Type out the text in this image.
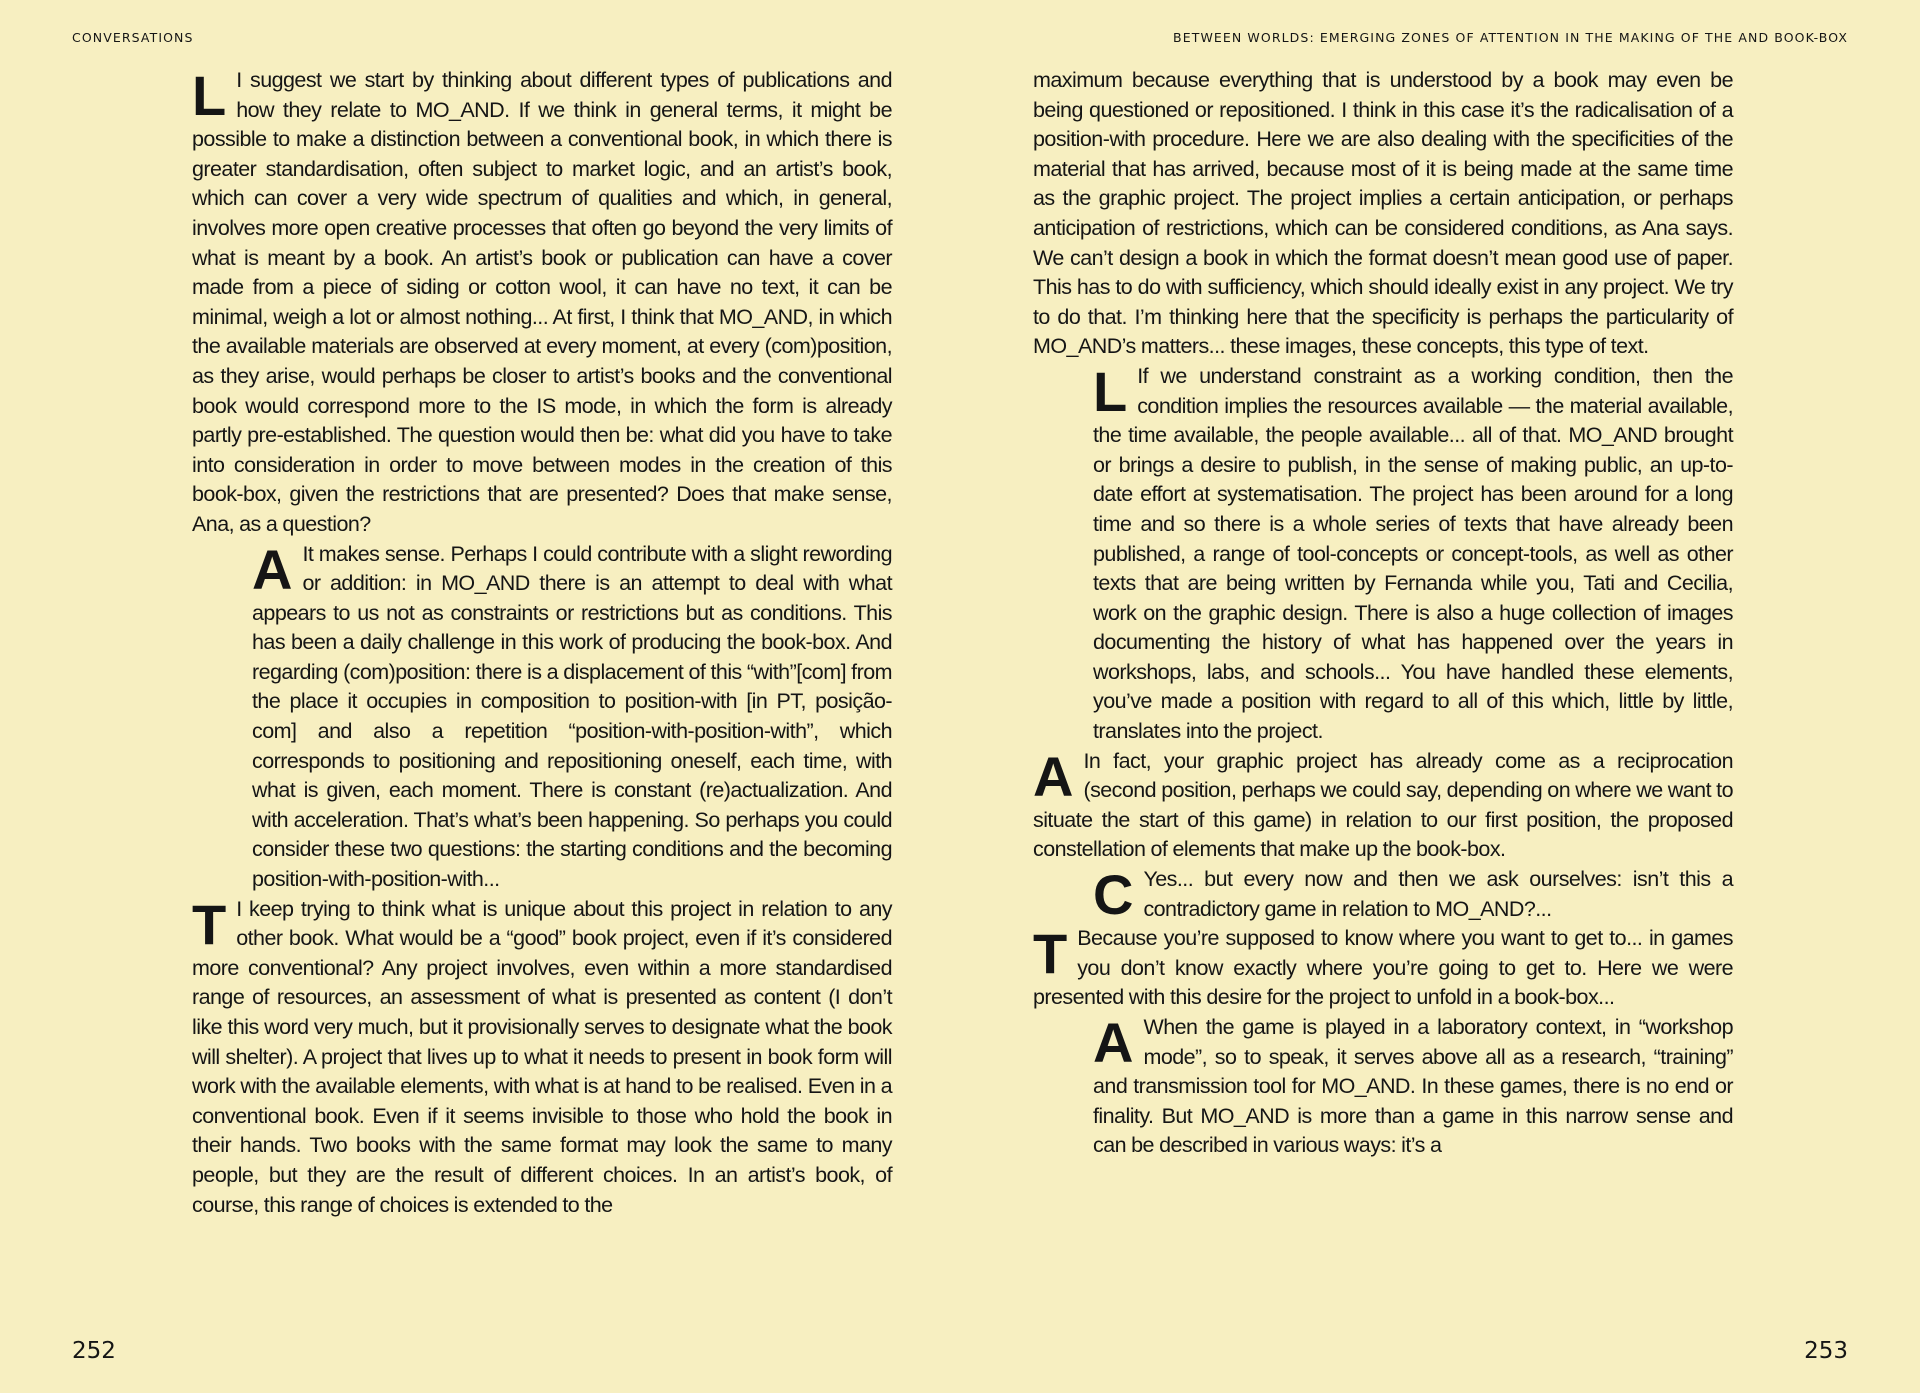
CONVERSATIONS	BETWEEN WORLDS: EMERGING ZONES OF ATTENTION IN THE MAKING OF THE AND BOOK-BOX

L I suggest we start by thinking about different types of publications and how they relate to MO_AND. If we think in general terms, it might be possible to make a distinction between a conventional book, in which there is greater standardisation, often subject to market logic, and an artist’s book, which can cover a very wide spectrum of qualities and which, in general, involves more open creative processes that often go beyond the very limits of what is meant by a book. An artist’s book or publication can have a cover made from a piece of siding or cotton wool, it can have no text, it can be minimal, weigh a lot or almost nothing... At first, I think that MO_AND, in which the available materials are observed at every moment, at every (com)position, as they arise, would perhaps be closer to artist’s books and the conventional book would correspond more to the IS mode, in which the form is already partly pre-established. The question would then be: what did you have to take into consideration in order to move between modes in the creation of this book-box, given the restrictions that are presented? Does that make sense, Ana, as a question?

A It makes sense. Perhaps I could contribute with a slight rewording or addition: in MO_AND there is an attempt to deal with what appears to us not as constraints or restrictions but as conditions. This has been a daily challenge in this work of producing the book-box. And regarding (com)position: there is a displacement of this “with”[com] from the place it occupies in composition to position-with [in PT, posição-com] and also a repetition “position-with-position-with”, which corresponds to positioning and repositioning oneself, each time, with what is given, each moment. There is constant (re)actualization. And with acceleration. That’s what’s been happening. So perhaps you could consider these two questions: the starting conditions and the becoming position-with-position-with...

T I keep trying to think what is unique about this project in relation to any other book. What would be a “good” book project, even if it’s considered more conventional? Any project involves, even within a more standardised range of resources, an assessment of what is presented as content (I don’t like this word very much, but it provisionally serves to designate what the book will shelter). A project that lives up to what it needs to present in book form will work with the available elements, with what is at hand to be realised. Even in a conventional book. Even if it seems invisible to those who hold the book in their hands. Two books with the same format may look the same to many people, but they are the result of different choices. In an artist’s book, of course, this range of choices is extended to the

maximum because everything that is understood by a book may even be being questioned or repositioned. I think in this case it’s the radicalisation of a position-with procedure. Here we are also dealing with the specificities of the material that has arrived, because most of it is being made at the same time as the graphic project. The project implies a certain anticipation, or perhaps anticipation of restrictions, which can be considered conditions, as Ana says. We can’t design a book in which the format doesn’t mean good use of paper. This has to do with sufficiency, which should ideally exist in any project. We try to do that. I’m thinking here that the specificity is perhaps the particularity of MO_AND’s matters... these images, these concepts, this type of text.

L If we understand constraint as a working condition, then the condition implies the resources available — the material available, the time available, the people available... all of that. MO_AND brought or brings a desire to publish, in the sense of making public, an up-to-date effort at systematisation. The project has been around for a long time and so there is a whole series of texts that have already been published, a range of tool-concepts or concept-tools, as well as other texts that are being written by Fernanda while you, Tati and Cecilia, work on the graphic design. There is also a huge collection of images documenting the history of what has happened over the years in workshops, labs, and schools... You have handled these elements, you’ve made a position with regard to all of this which, little by little, translates into the project.

A In fact, your graphic project has already come as a reciprocation (second position, perhaps we could say, depending on where we want to situate the start of this game) in relation to our first position, the proposed constellation of elements that make up the book-box.

C Yes... but every now and then we ask ourselves: isn’t this a contradictory game in relation to MO_AND?...

T Because you’re supposed to know where you want to get to... in games you don’t know exactly where you’re going to get to. Here we were presented with this desire for the project to unfold in a book-box...

A When the game is played in a laboratory context, in “workshop mode”, so to speak, it serves above all as a research, “training” and transmission tool for MO_AND. In these games, there is no end or finality. But MO_AND is more than a game in this narrow sense and can be described in various ways: it’s a

252	253
